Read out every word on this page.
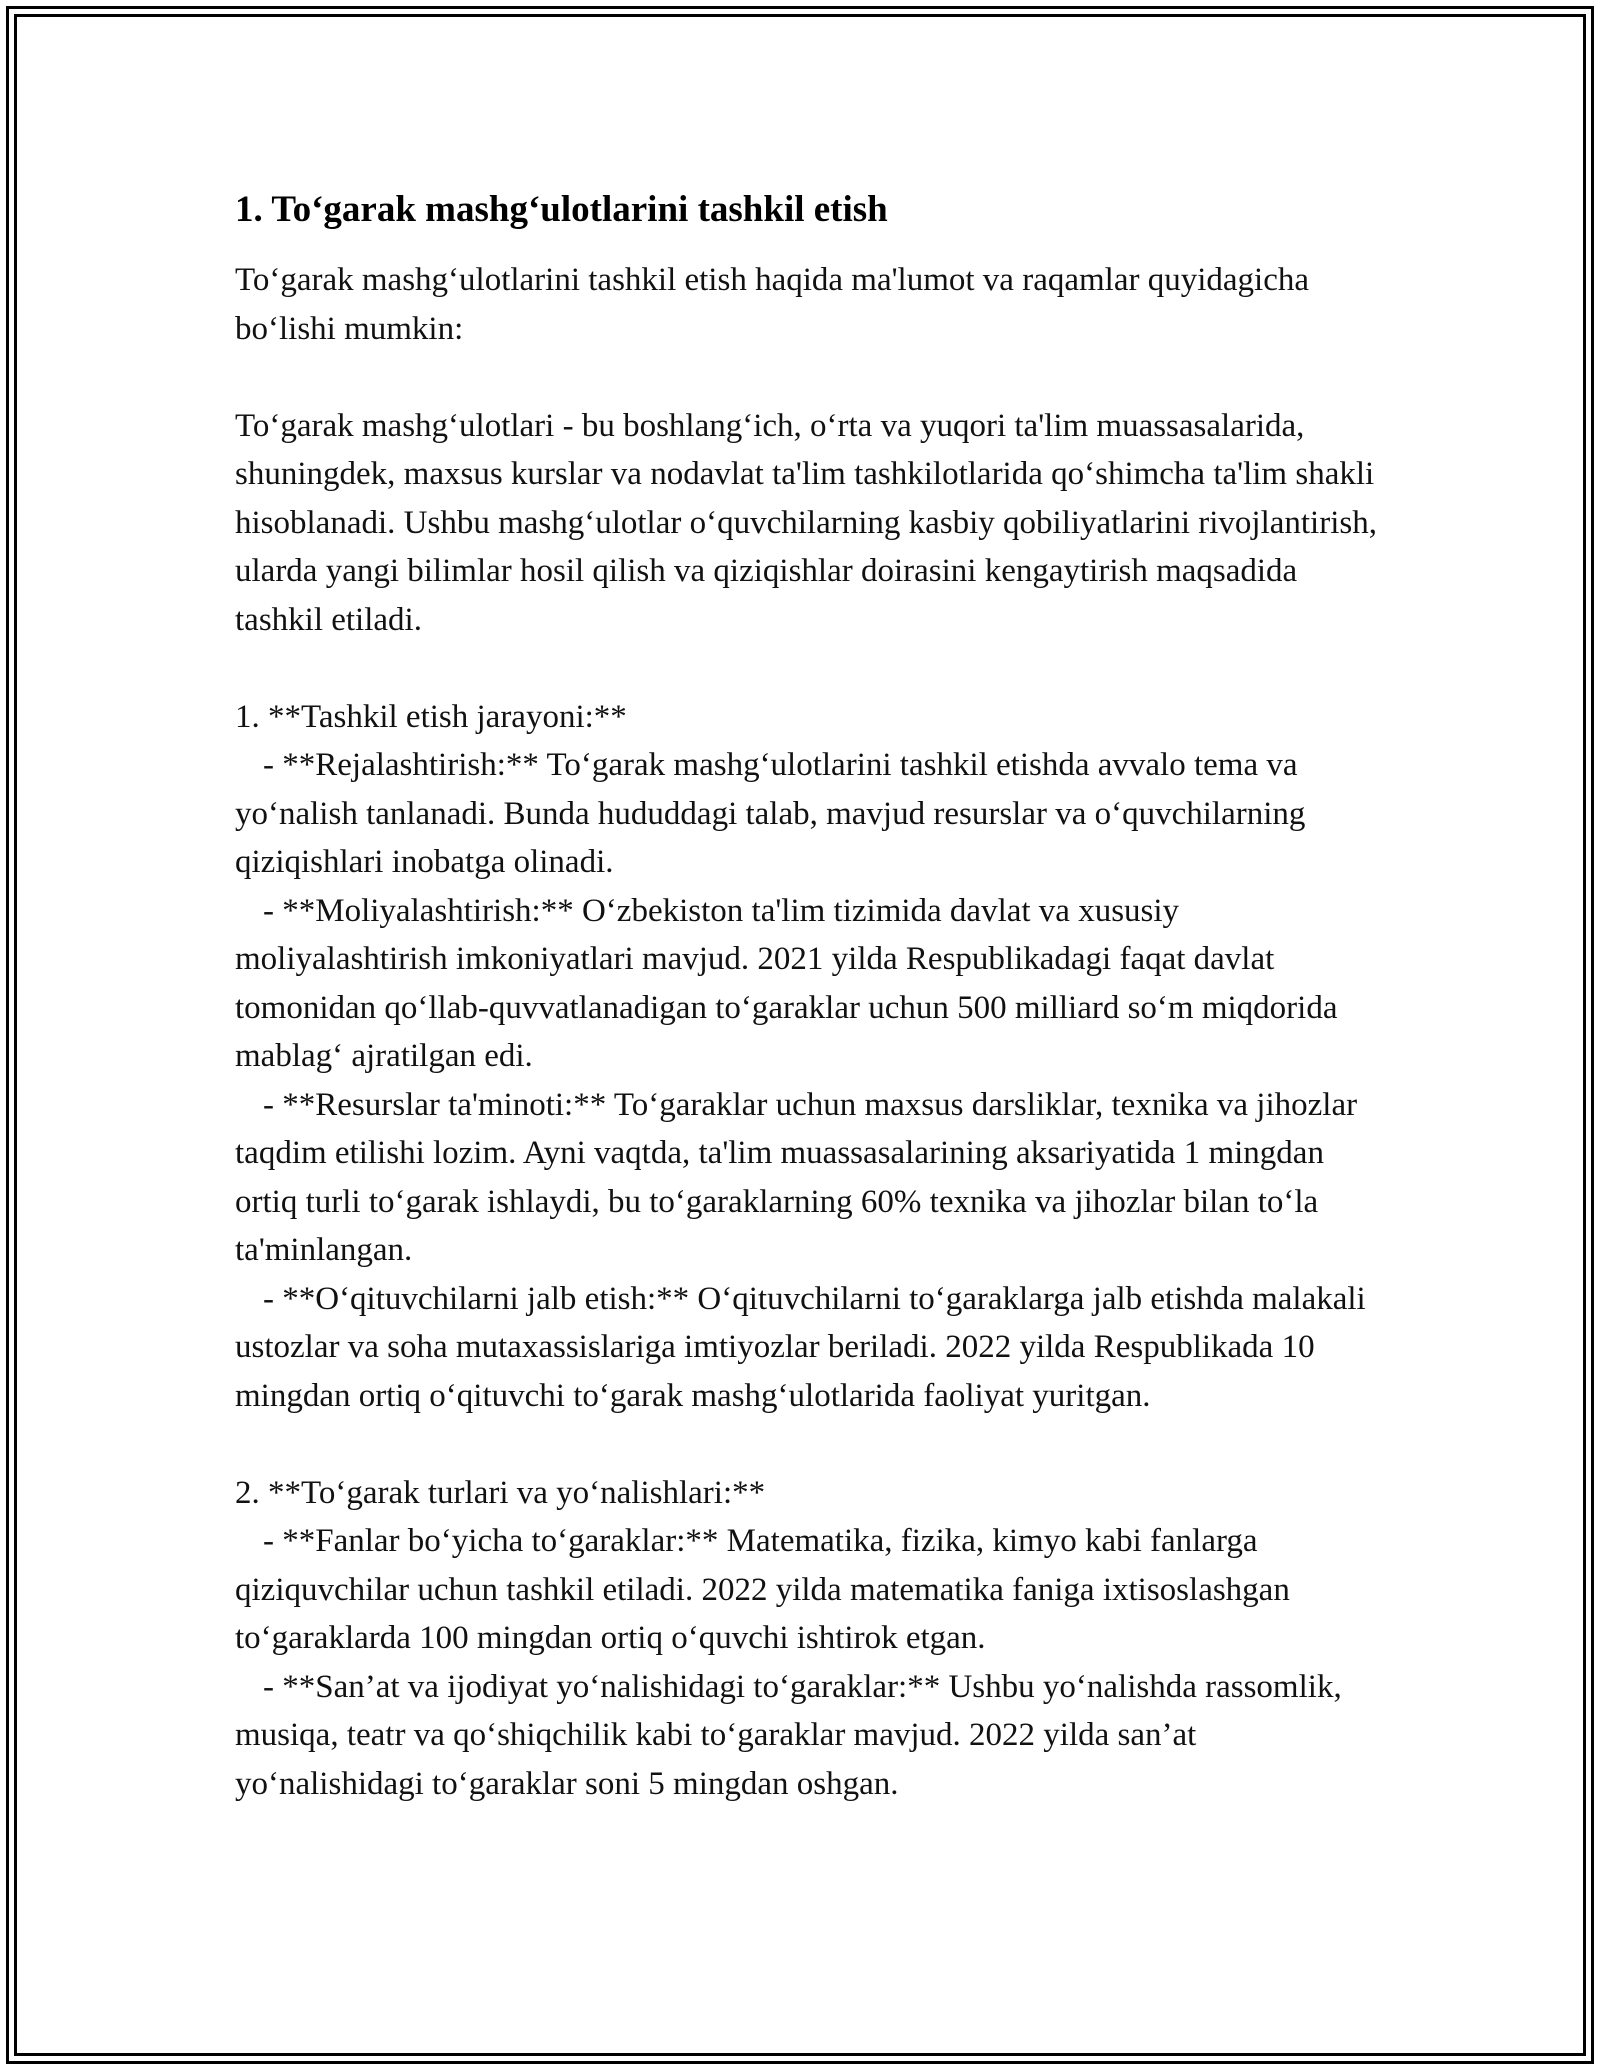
1. To‘garak mashg‘ulotlarini tashkil etish

To‘garak mashg‘ulotlarini tashkil etish haqida ma'lumot va raqamlar quyidagicha bo‘lishi mumkin:

To‘garak mashg‘ulotlari - bu boshlang‘ich, o‘rta va yuqori ta'lim muassasalarida, shuningdek, maxsus kurslar va nodavlat ta'lim tashkilotlarida qo‘shimcha ta'lim shakli hisoblanadi. Ushbu mashg‘ulotlar o‘quvchilarning kasbiy qobiliyatlarini rivojlantirish, ularda yangi bilimlar hosil qilish va qiziqishlar doirasini kengaytirish maqsadida tashkil etiladi.

1. **Tashkil etish jarayoni:**

- **Rejalashtirish:** To‘garak mashg‘ulotlarini tashkil etishda avvalo tema va yo‘nalish tanlanadi. Bunda hududdagi talab, mavjud resurslar va o‘quvchilarning qiziqishlari inobatga olinadi.

- **Moliyalashtirish:** O‘zbekiston ta'lim tizimida davlat va xususiy moliyalashtirish imkoniyatlari mavjud. 2021 yilda Respublikadagi faqat davlat tomonidan qo‘llab-quvvatlanadigan to‘garaklar uchun 500 milliard so‘m miqdorida mablag‘ ajratilgan edi.

- **Resurslar ta'minoti:** To‘garaklar uchun maxsus darsliklar, texnika va jihozlar taqdim etilishi lozim. Ayni vaqtda, ta'lim muassasalarining aksariyatida 1 mingdan ortiq turli to‘garak ishlaydi, bu to‘garaklarning 60% texnika va jihozlar bilan to‘la ta'minlangan.

- **O‘qituvchilarni jalb etish:** O‘qituvchilarni to‘garaklarga jalb etishda malakali ustozlar va soha mutaxassislariga imtiyozlar beriladi. 2022 yilda Respublikada 10 mingdan ortiq o‘qituvchi to‘garak mashg‘ulotlarida faoliyat yuritgan.

2. **To‘garak turlari va yo‘nalishlari:**

- **Fanlar bo‘yicha to‘garaklar:** Matematika, fizika, kimyo kabi fanlarga qiziquvchilar uchun tashkil etiladi. 2022 yilda matematika faniga ixtisoslashgan to‘garaklarda 100 mingdan ortiq o‘quvchi ishtirok etgan.

- **San’at va ijodiyat yo‘nalishidagi to‘garaklar:** Ushbu yo‘nalishda rassomlik, musiqa, teatr va qo‘shiqchilik kabi to‘garaklar mavjud. 2022 yilda san’at yo‘nalishidagi to‘garaklar soni 5 mingdan oshgan.
